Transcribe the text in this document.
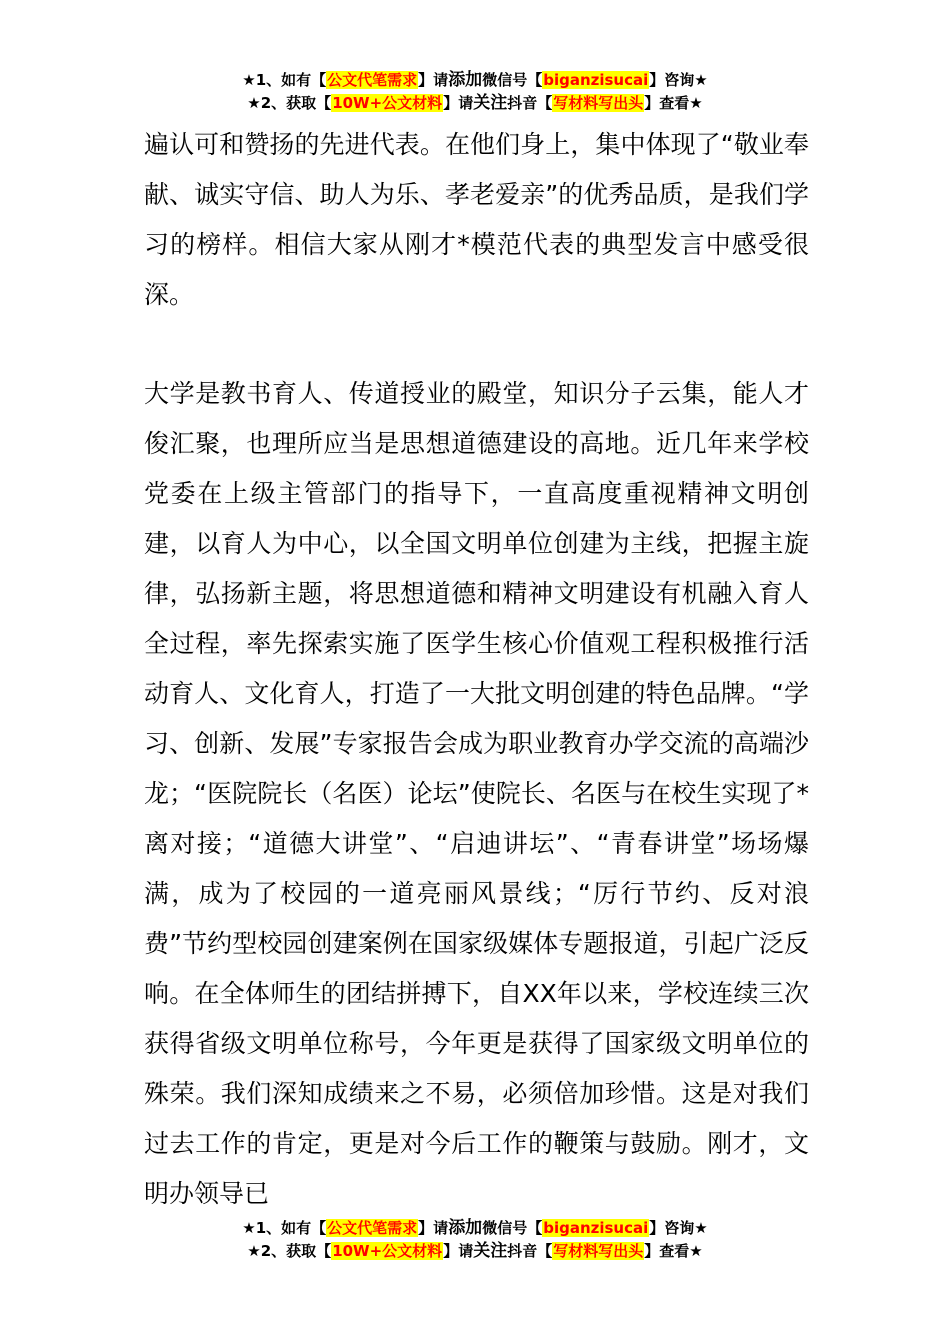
★1、如有【公文代笔需求】请添加微信号【biganzisucai】咨询★
★2、获取【10W+公文材料】请关注抖音【写材料写出头】查看★

遍认可和赞扬的先进代表。在他们身上，集中体现了“敬业奉献、诚实守信、助人为乐、孝老爱亲”的优秀品质，是我们学习的榜样。相信大家从刚才*模范代表的典型发言中感受很深。

大学是教书育人、传道授业的殿堂，知识分子云集，能人才俊汇聚，也理所应当是思想道德建设的高地。近几年来学校党委在上级主管部门的指导下，一直高度重视精神文明创建，以育人为中心，以全国文明单位创建为主线，把握主旋律，弘扬新主题，将思想道德和精神文明建设有机融入育人全过程，率先探索实施了医学生核心价值观工程积极推行活动育人、文化育人，打造了一大批文明创建的特色品牌。“学习、创新、发展”专家报告会成为职业教育办学交流的高端沙龙；“医院院长（名医）论坛”使院长、名医与在校生实现了*离对接；“道德大讲堂”、“启迪讲坛”、“青春讲堂”场场爆满，成为了校园的一道亮丽风景线；“厉行节约、反对浪费”节约型校园创建案例在国家级媒体专题报道，引起广泛反响。在全体师生的团结拼搏下，自XX年以来，学校连续三次获得省级文明单位称号，今年更是获得了国家级文明单位的殊荣。我们深知成绩来之不易，必须倍加珍惜。这是对我们过去工作的肯定，更是对今后工作的鞭策与鼓励。刚才，文明办领导已

★1、如有【公文代笔需求】请添加微信号【biganzisucai】咨询★
★2、获取【10W+公文材料】请关注抖音【写材料写出头】查看★
